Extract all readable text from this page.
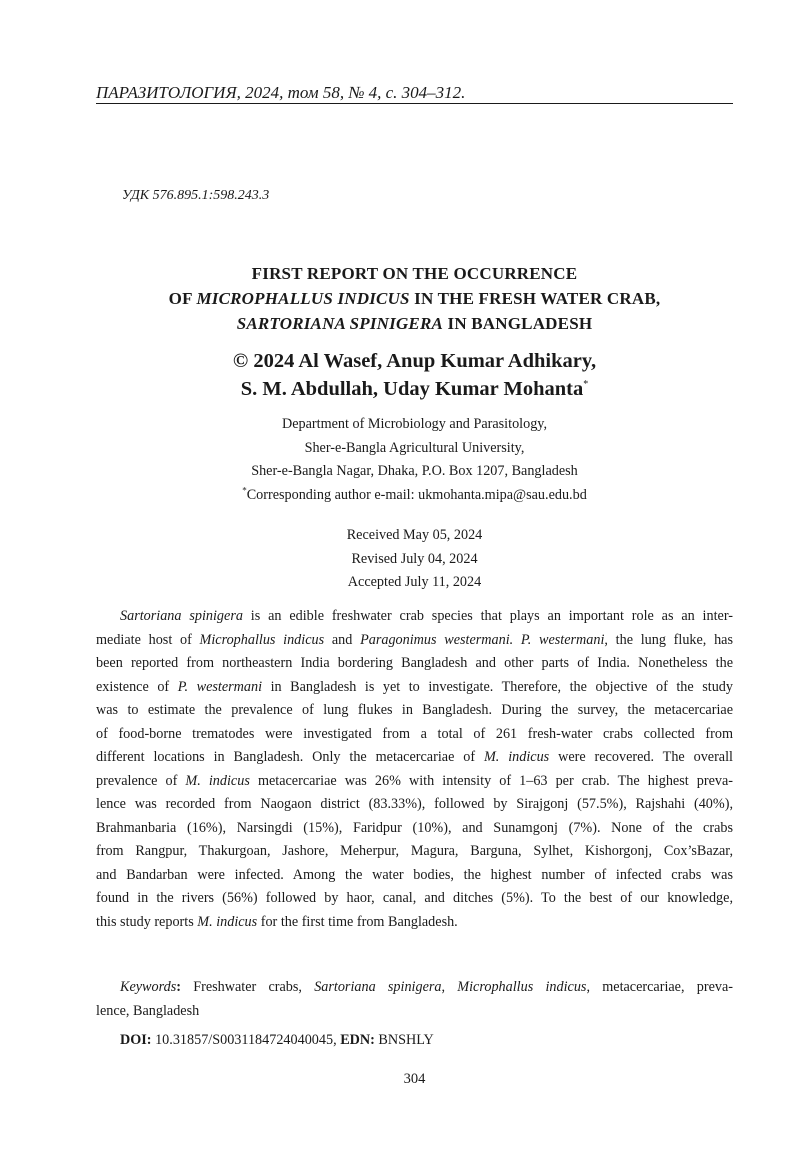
ПАРАЗИТОЛОГИЯ, 2024, том 58, № 4, с. 304–312.
УДК 576.895.1:598.243.3
FIRST REPORT ON THE OCCURRENCE
OF MICROPHALLUS INDICUS IN THE FRESH WATER CRAB,
SARTORIANA SPINIGERA IN BANGLADESH
© 2024 Al Wasef, Anup Kumar Adhikary,
S. M. Abdullah, Uday Kumar Mohanta*
Department of Microbiology and Parasitology,
Sher-e-Bangla Agricultural University,
Sher-e-Bangla Nagar, Dhaka, P.O. Box 1207, Bangladesh
*Corresponding author e-mail: ukmohanta.mipa@sau.edu.bd
Received May 05, 2024
Revised July 04, 2024
Accepted July 11, 2024
Sartoriana spinigera is an edible freshwater crab species that plays an important role as an inter-
mediate host of Microphallus indicus and Paragonimus westermani. P. westermani, the lung fluke, has
been reported from northeastern India bordering Bangladesh and other parts of India. Nonetheless the
existence of P. westermani in Bangladesh is yet to investigate. Therefore, the objective of the study
was to estimate the prevalence of lung flukes in Bangladesh. During the survey, the metacercariae
of food-borne trematodes were investigated from a total of 261 fresh-water crabs collected from
different locations in Bangladesh. Only the metacercariae of M. indicus were recovered. The overall
prevalence of M. indicus metacercariae was 26% with intensity of 1–63 per crab. The highest preva-
lence was recorded from Naogaon district (83.33%), followed by Sirajgonj (57.5%), Rajshahi (40%),
Brahmanbaria (16%), Narsingdi (15%), Faridpur (10%), and Sunamgonj (7%). None of the crabs
from Rangpur, Thakurgoan, Jashore, Meherpur, Magura, Barguna, Sylhet, Kishorgonj, Cox’sBazar,
and Bandarban were infected. Among the water bodies, the highest number of infected crabs was
found in the rivers (56%) followed by haor, canal, and ditches (5%). To the best of our knowledge,
this study reports M. indicus for the first time from Bangladesh.
Keywords: Freshwater crabs, Sartoriana spinigera, Microphallus indicus, metacercariae, preva-
lence, Bangladesh
DOI: 10.31857/S0031184724040045, EDN: BNSHLY
304
